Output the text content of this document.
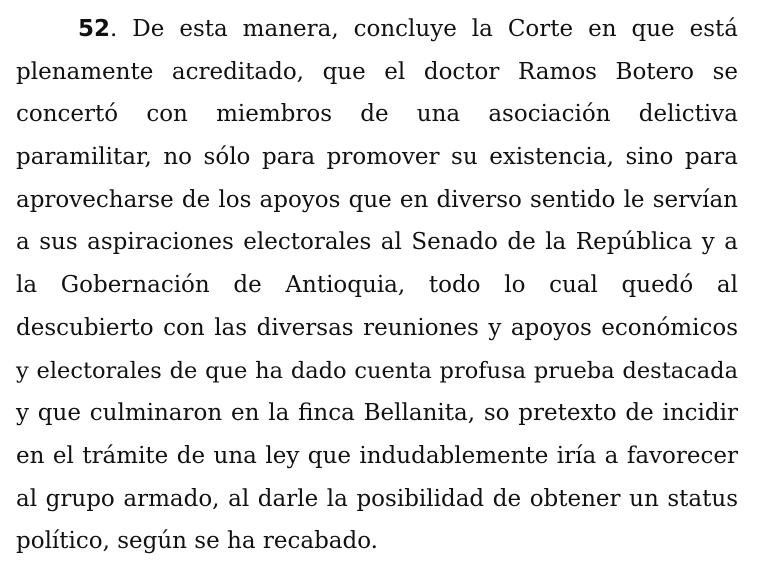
52. De esta manera, concluye la Corte en que está
plenamente acreditado, que el doctor Ramos Botero se
concertó con miembros de una asociación delictiva
paramilitar, no sólo para promover su existencia, sino para
aprovecharse de los apoyos que en diverso sentido le servían
a sus aspiraciones electorales al Senado de la República y a
la Gobernación de Antioquia, todo lo cual quedó al
descubierto con las diversas reuniones y apoyos económicos
y electorales de que ha dado cuenta profusa prueba destacada
y que culminaron en la finca Bellanita, so pretexto de incidir
en el trámite de una ley que indudablemente iría a favorecer
al grupo armado, al darle la posibilidad de obtener un status
político, según se ha recabado.
